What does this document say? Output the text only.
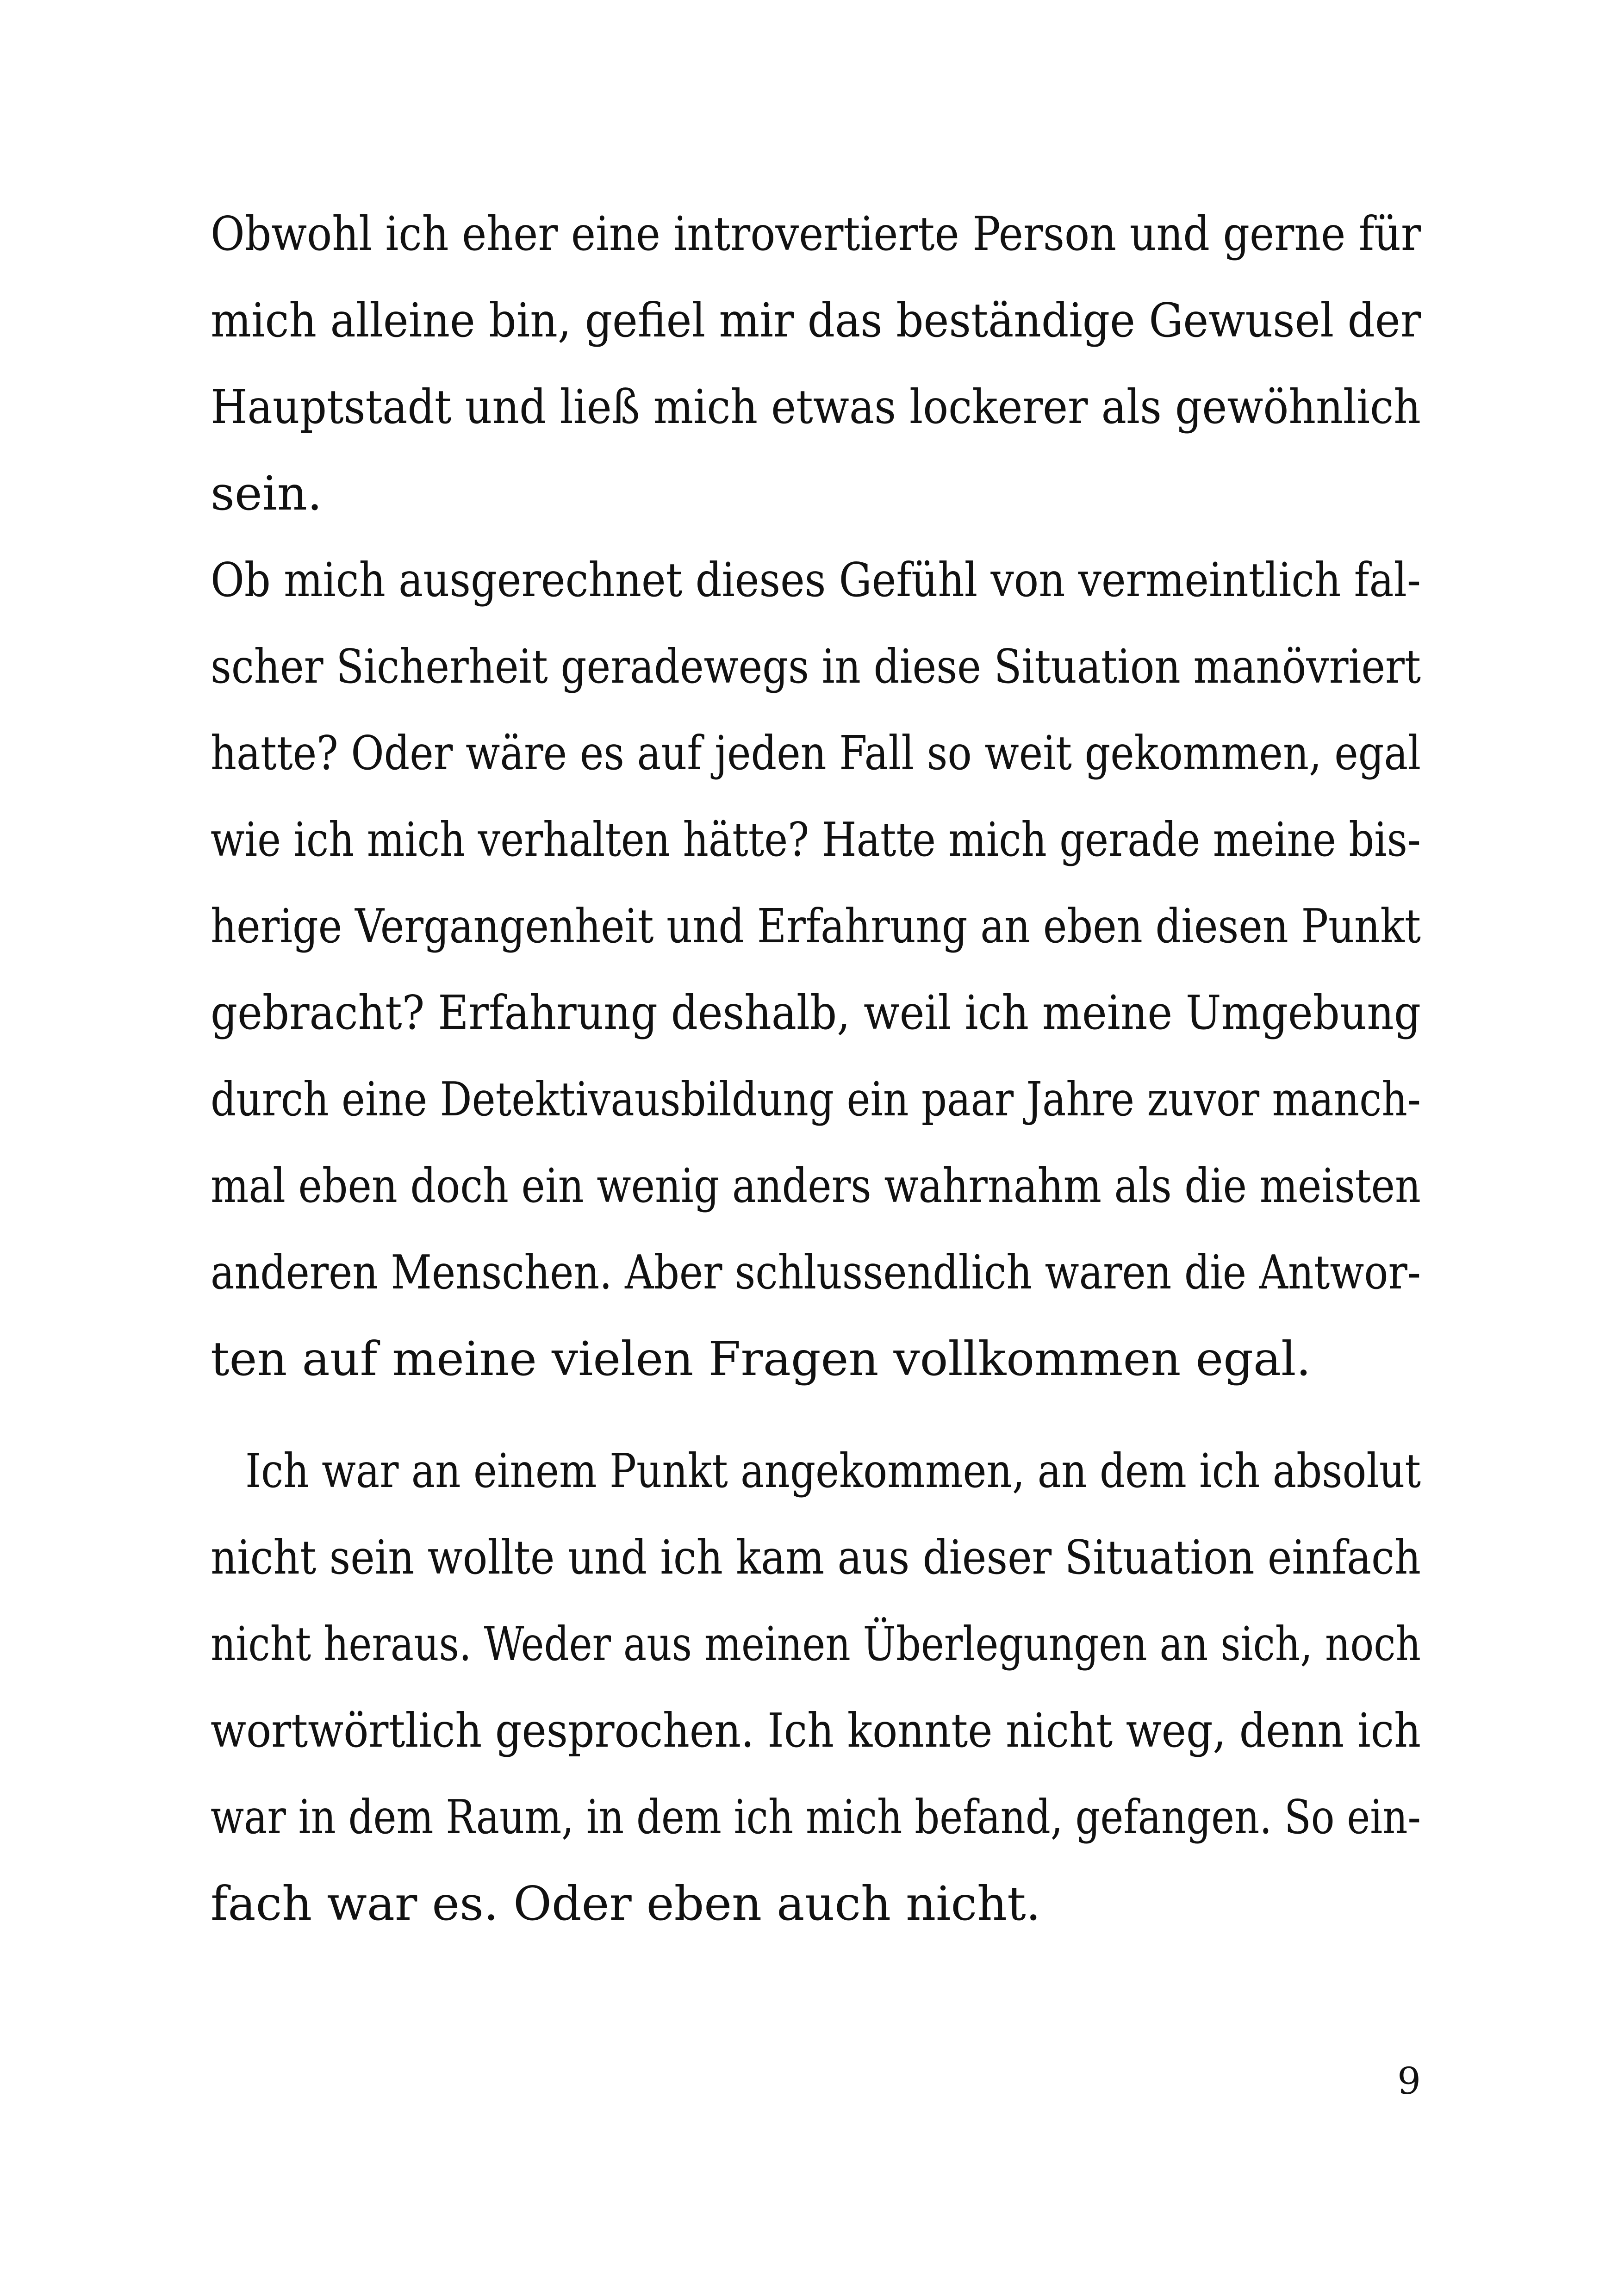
Obwohl ich eher eine introvertierte Person und gerne für
mich alleine bin, gefiel mir das beständige Gewusel der
Hauptstadt und ließ mich etwas lockerer als gewöhnlich
sein.
Ob mich ausgerechnet dieses Gefühl von vermeintlich fal-
scher Sicherheit geradewegs in diese Situation manövriert
hatte? Oder wäre es auf jeden Fall so weit gekommen, egal
wie ich mich verhalten hätte? Hatte mich gerade meine bis-
herige Vergangenheit und Erfahrung an eben diesen Punkt
gebracht? Erfahrung deshalb, weil ich meine Umgebung
durch eine Detektivausbildung ein paar Jahre zuvor manch-
mal eben doch ein wenig anders wahrnahm als die meisten
anderen Menschen. Aber schlussendlich waren die Antwor-
ten auf meine vielen Fragen vollkommen egal.
Ich war an einem Punkt angekommen, an dem ich absolut
nicht sein wollte und ich kam aus dieser Situation einfach
nicht heraus. Weder aus meinen Überlegungen an sich, noch
wortwörtlich gesprochen. Ich konnte nicht weg, denn ich
war in dem Raum, in dem ich mich befand, gefangen. So ein-
fach war es. Oder eben auch nicht.
9
